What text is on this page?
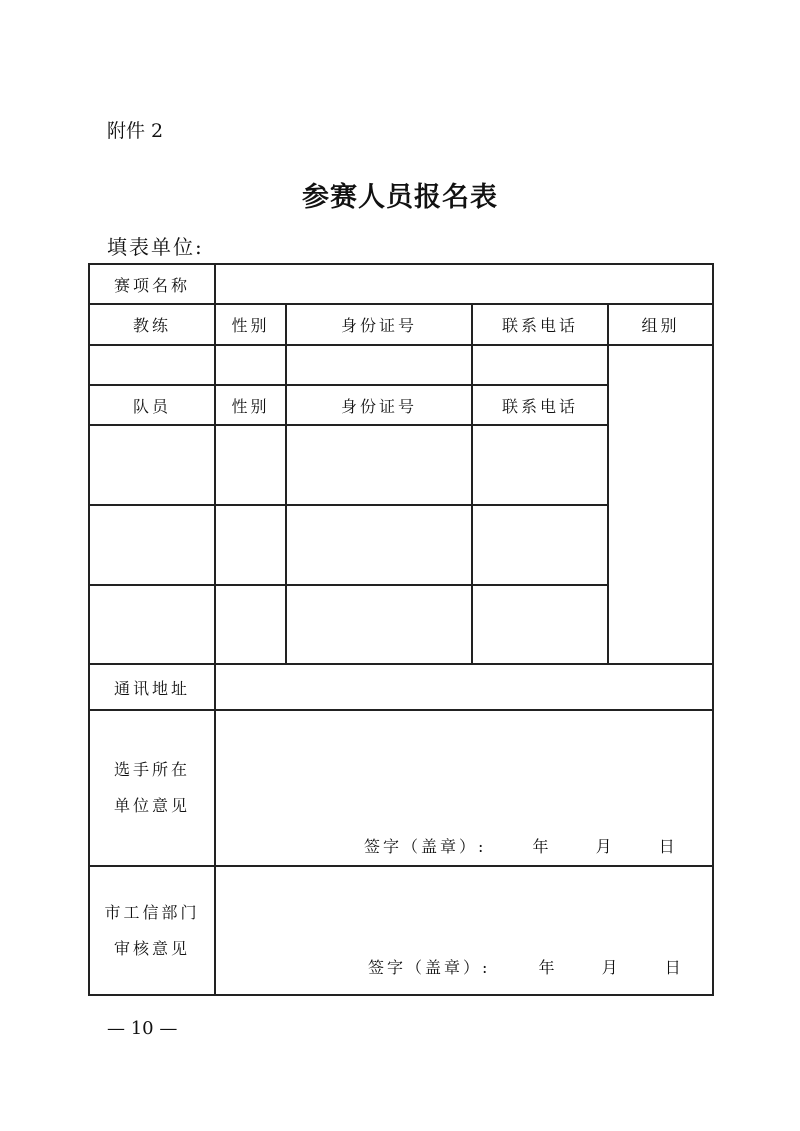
附件 2
参赛人员报名表
填表单位:
赛项名称				
教练	性别	身份证号	联系电话	组别

队员	性别	身份证号	联系电话	

通讯地址				

选手所在
单位意见	签字（盖章）: 年 月 日			

市工信部门
审核意见	签字（盖章）: 年 月 日			
— 10 —
